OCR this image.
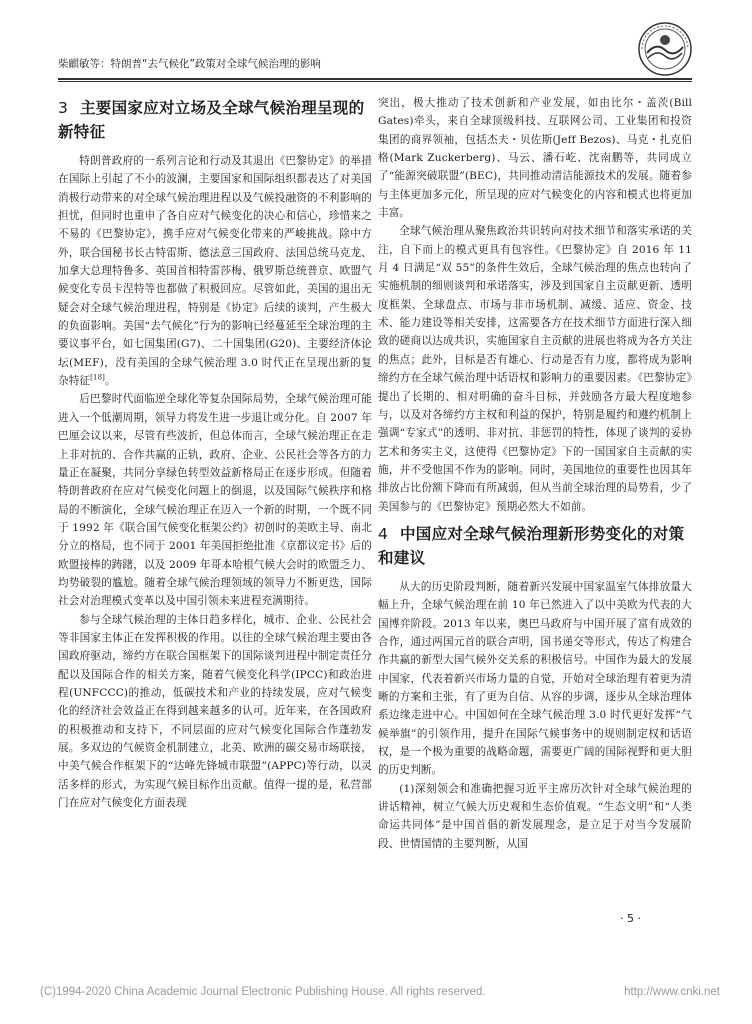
柴麒敏等：特朗普“去气候化”政策对全球气候治理的影响
3 主要国家应对立场及全球气候治理呈现的新特征

特朗普政府的一系列言论和行动及其退出《巴黎协定》的举措在国际上引起了不小的波澜，主要国家和国际组织都表达了对美国消极行动带来的对全球气候治理进程以及气候投融资的不利影响的担忧，但同时也重申了各自应对气候变化的决心和信心，珍惜来之不易的《巴黎协定》，携手应对气候变化带来的严峻挑战。除中方外，联合国秘书长古特雷斯、德法意三国政府、法国总统马克龙、加拿大总理特鲁多、英国首相特雷莎梅、俄罗斯总统普京、欧盟气候变化专员卡涅特等也都做了积极回应。尽管如此，美国的退出无疑会对全球气候治理进程，特别是《协定》后续的谈判，产生极大的负面影响。美国“去气候化”行为的影响已经蔓延至全球治理的主要议事平台，如七国集团(G7)、二十国集团(G20)、主要经济体论坛(MEF)，没有美国的全球气候治理 3.0 时代正在呈现出新的复杂特征[18]。

后巴黎时代面临逆全球化等复杂国际局势，全球气候治理可能进入一个低潮周期，领导力将发生进一步退让或分化。自 2007 年巴厘会议以来，尽管有些波折，但总体而言，全球气候治理正在走上非对抗的、合作共赢的正轨，政府、企业、公民社会等各方的力量正在凝聚，共同分享绿色转型效益新格局正在逐步形成。但随着特朗普政府在应对气候变化问题上的倒退，以及国际气候秩序和格局的不断演化，全球气候治理正在迈入一个新的时期，一个既不同于 1992 年《联合国气候变化框架公约》初创时的美欧主导、南北分立的格局，也不同于 2001 年美国拒绝批准《京都议定书》后的欧盟接棒的踌躇，以及 2009 年哥本哈根气候大会时的欧盟乏力、均势破裂的尴尬。随着全球气候治理领域的领导力不断更迭，国际社会对治理模式变革以及中国引领未来进程充满期待。

参与全球气候治理的主体日趋多样化，城市、企业、公民社会等非国家主体正在发挥积极的作用。以往的全球气候治理主要由各国政府驱动，缔约方在联合国框架下的国际谈判进程中制定责任分配以及国际合作的相关方案，随着气候变化科学(IPCC)和政治进程(UNFCCC)的推动，低碳技术和产业的持续发展，应对气候变化的经济社会效益正在得到越来越多的认可。近年来，在各国政府的积极推动和支持下，不同层面的应对气候变化国际合作蓬勃发展。多双边的气候资金机制建立，北美、欧洲的碳交易市场联接，中美气候合作框架下的“达峰先锋城市联盟”(APPC)等行动，以灵活多样的形式，为实现气候目标作出贡献。值得一提的是，私营部门在应对气候变化方面表现

突出，极大推动了技术创新和产业发展，如由比尔・盖茨(Bill Gates)牵头，来自全球顶级科技、互联网公司、工业集团和投资集团的商界领袖，包括杰夫・贝佐斯(Jeff Bezos)、马克・扎克伯格(Mark Zuckerberg)、马云、潘石屹、沈南鹏等，共同成立了“能源突破联盟”(BEC)，共同推动清洁能源技术的发展。随着参与主体更加多元化，所呈现的应对气候变化的内容和模式也将更加丰富。

全球气候治理从聚焦政治共识转向对技术细节和落实承诺的关注，自下而上的模式更具有包容性。《巴黎协定》自 2016 年 11 月 4 日满足“双 55”的条件生效后，全球气候治理的焦点也转向了实施机制的细则谈判和承诺落实，涉及到国家自主贡献更新、透明度框架、全球盘点、市场与非市场机制、减缓、适应、资金、技术、能力建设等相关安排，这需要各方在技术细节方面进行深入细致的磋商以达成共识，实施国家自主贡献的进展也将成为各方关注的焦点；此外，目标是否有雄心、行动是否有力度，都将成为影响缔约方在全球气候治理中话语权和影响力的重要因素。《巴黎协定》提出了长期的、相对明确的奋斗目标，并鼓励各方最大程度地参与，以及对各缔约方主权和利益的保护，特别是履约和遵约机制上强调“专家式”的透明、非对抗、非惩罚的特性，体现了谈判的妥协艺术和务实主义，这使得《巴黎协定》下的一国国家自主贡献的实施，并不受他国不作为的影响。同时，美国地位的重要性也因其年排放占比份额下降而有所减弱，但从当前全球治理的局势看，少了美国参与的《巴黎协定》预期必然大不如前。

4 中国应对全球气候治理新形势变化的对策和建议

从大的历史阶段判断，随着新兴发展中国家温室气体排放量大幅上升，全球气候治理在前 10 年已然进入了以中美欧为代表的大国博弈阶段。2013 年以来，奥巴马政府与中国开展了富有成效的合作，通过两国元首的联合声明，国书递交等形式，传达了构建合作共赢的新型大国气候外交关系的积极信号。中国作为最大的发展中国家，代表着新兴市场力量的自觉，开始对全球治理有着更为清晰的方案和主张，有了更为自信、从容的步调，逐步从全球治理体系边缘走进中心。中国如何在全球气候治理 3.0 时代更好发挥“气候举旗”的引领作用，提升在国际气候事务中的规则制定权和话语权，是一个极为重要的战略命题，需要更广阔的国际视野和更大胆的历史判断。

(1)深刻领会和准确把握习近平主席历次针对全球气候治理的讲话精神，树立气候大历史观和生态价值观。“生态文明”和“人类命运共同体”是中国首倡的新发展理念，是立足于对当今发展阶段、世情国情的主要判断，从国

· 5 ·
(C)1994-2020 China Academic Journal Electronic Publishing House. All rights reserved.	http://www.cnki.net
